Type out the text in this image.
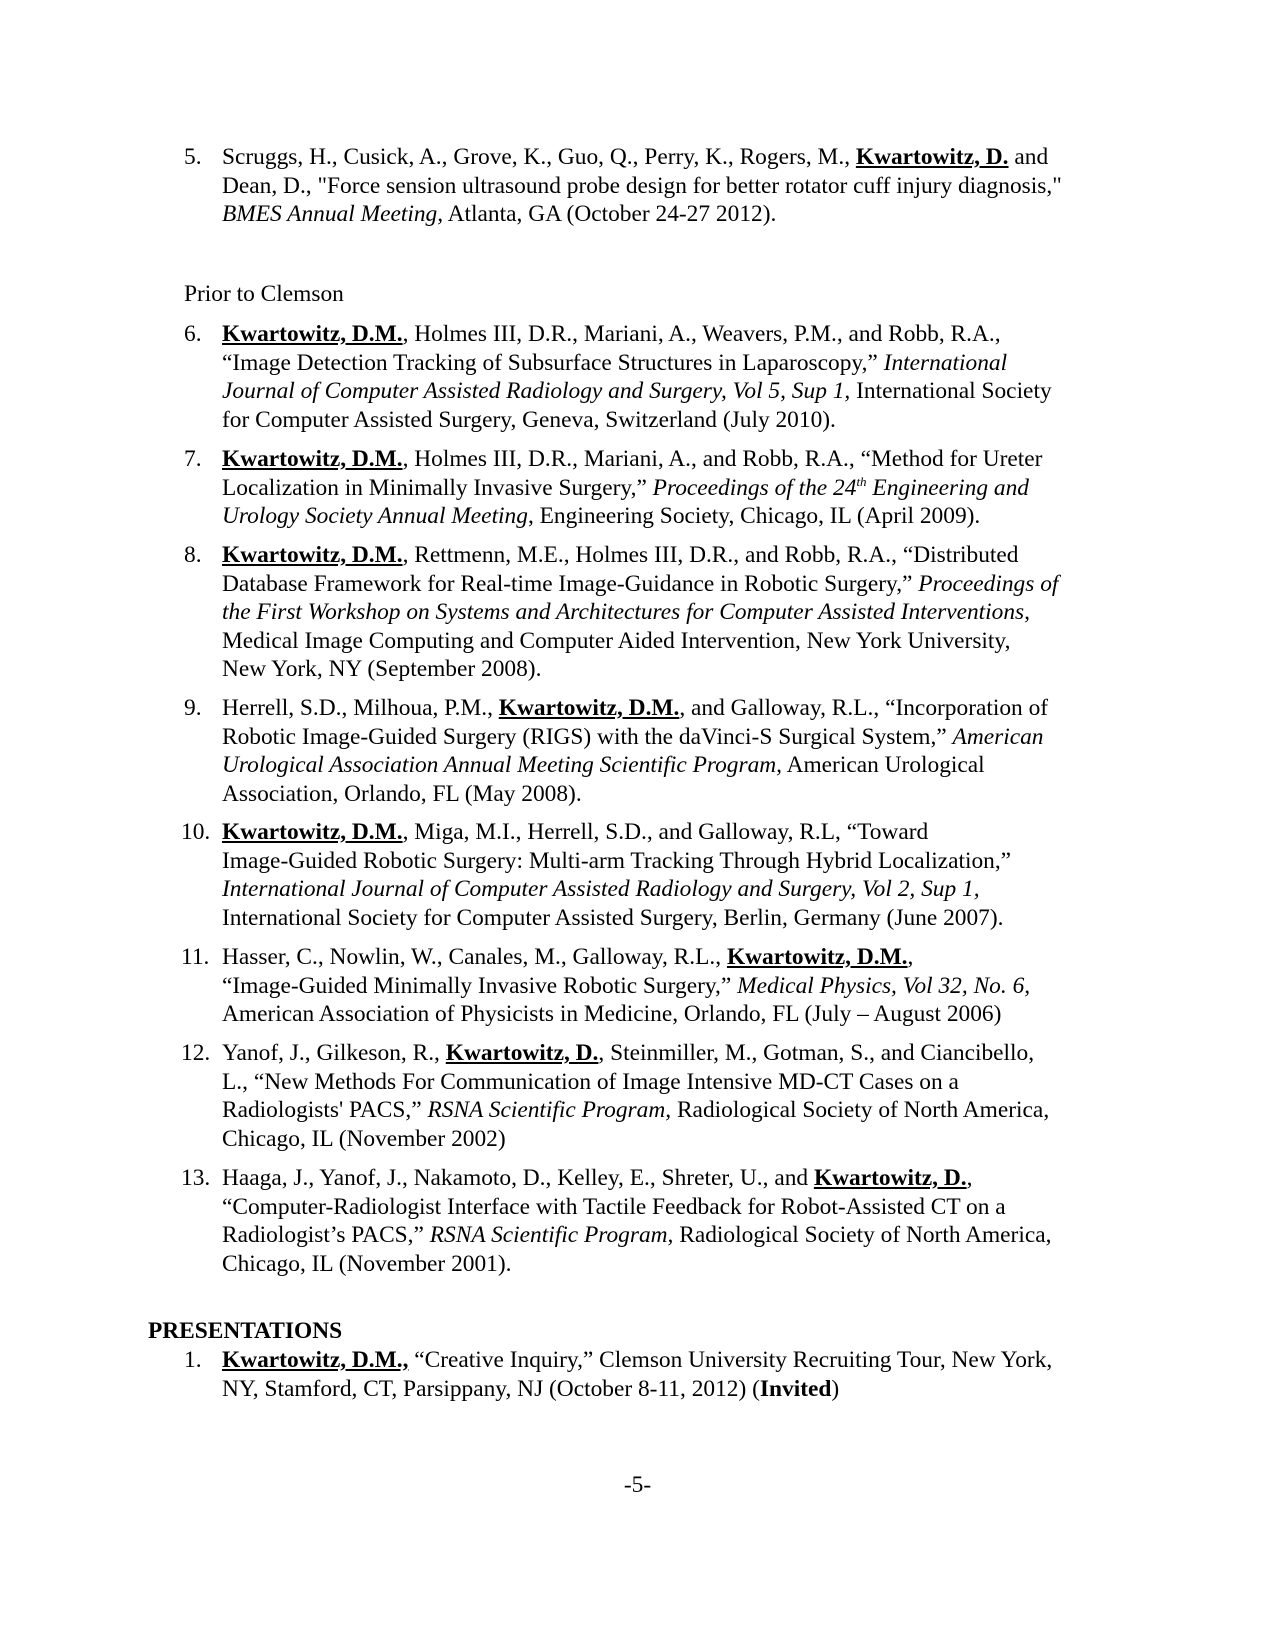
5. Scruggs, H., Cusick, A., Grove, K., Guo, Q., Perry, K., Rogers, M., Kwartowitz, D. and
Dean, D., "Force sension ultrasound probe design for better rotator cuff injury diagnosis,"
BMES Annual Meeting, Atlanta, GA (October 24-27 2012).
Prior to Clemson
6. Kwartowitz, D.M., Holmes III, D.R., Mariani, A., Weavers, P.M., and Robb, R.A.,
“Image Detection Tracking of Subsurface Structures in Laparoscopy,” International
Journal of Computer Assisted Radiology and Surgery, Vol 5, Sup 1, International Society
for Computer Assisted Surgery, Geneva, Switzerland (July 2010).
7. Kwartowitz, D.M., Holmes III, D.R., Mariani, A., and Robb, R.A., “Method for Ureter
Localization in Minimally Invasive Surgery,” Proceedings of the 24th Engineering and
Urology Society Annual Meeting, Engineering Society, Chicago, IL (April 2009).
8. Kwartowitz, D.M., Rettmenn, M.E., Holmes III, D.R., and Robb, R.A., “Distributed
Database Framework for Real-time Image-Guidance in Robotic Surgery,” Proceedings of
the First Workshop on Systems and Architectures for Computer Assisted Interventions,
Medical Image Computing and Computer Aided Intervention, New York University,
New York, NY (September 2008).
9. Herrell, S.D., Milhoua, P.M., Kwartowitz, D.M., and Galloway, R.L., “Incorporation of
Robotic Image-Guided Surgery (RIGS) with the daVinci-S Surgical System,” American
Urological Association Annual Meeting Scientific Program, American Urological
Association, Orlando, FL (May 2008).
10. Kwartowitz, D.M., Miga, M.I., Herrell, S.D., and Galloway, R.L, “Toward
Image-Guided Robotic Surgery: Multi-arm Tracking Through Hybrid Localization,”
International Journal of Computer Assisted Radiology and Surgery, Vol 2, Sup 1,
International Society for Computer Assisted Surgery, Berlin, Germany (June 2007).
11. Hasser, C., Nowlin, W., Canales, M., Galloway, R.L., Kwartowitz, D.M.,
“Image-Guided Minimally Invasive Robotic Surgery,” Medical Physics, Vol 32, No. 6,
American Association of Physicists in Medicine, Orlando, FL (July – August 2006)
12. Yanof, J., Gilkeson, R., Kwartowitz, D., Steinmiller, M., Gotman, S., and Ciancibello,
L., “New Methods For Communication of Image Intensive MD-CT Cases on a
Radiologists' PACS,” RSNA Scientific Program, Radiological Society of North America,
Chicago, IL (November 2002)
13. Haaga, J., Yanof, J., Nakamoto, D., Kelley, E., Shreter, U., and Kwartowitz, D.,
“Computer-Radiologist Interface with Tactile Feedback for Robot-Assisted CT on a
Radiologist’s PACS,” RSNA Scientific Program, Radiological Society of North America,
Chicago, IL (November 2001).
PRESENTATIONS
1. Kwartowitz, D.M., “Creative Inquiry,” Clemson University Recruiting Tour, New York,
NY, Stamford, CT, Parsippany, NJ (October 8-11, 2012) (Invited)
-5-
